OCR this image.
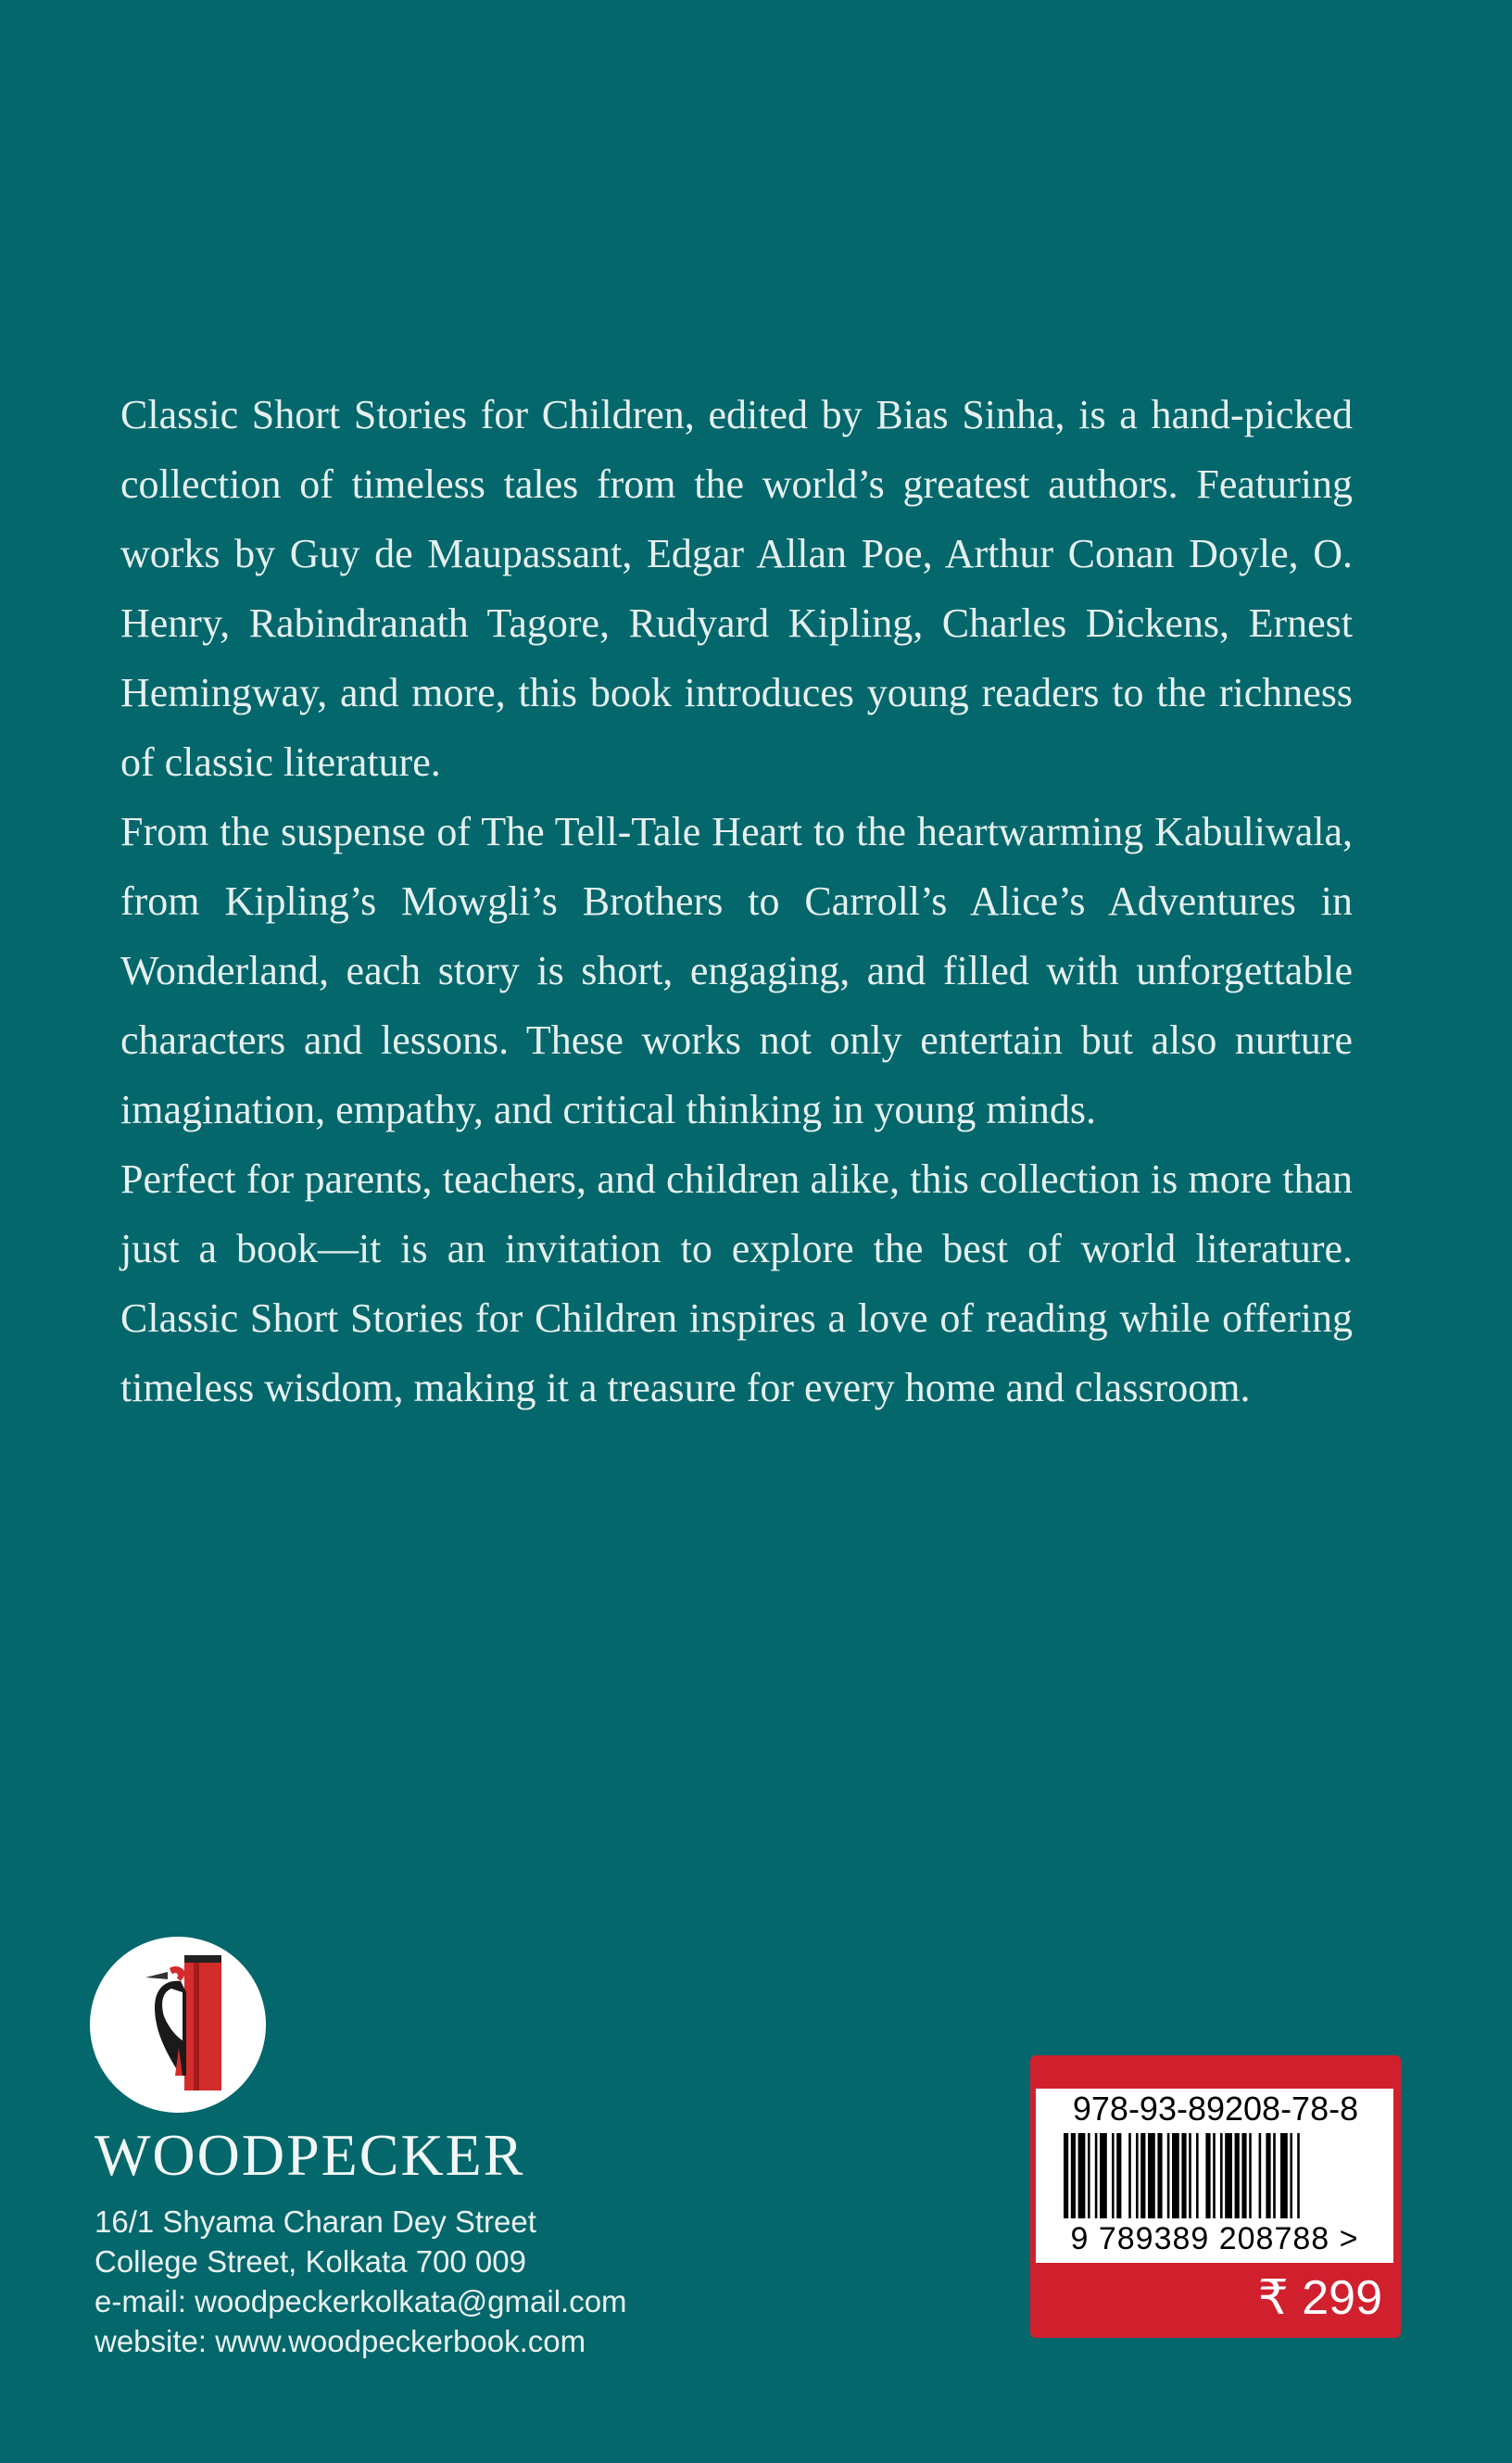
Classic Short Stories for Children, edited by Bias Sinha, is a hand-picked collection of timeless tales from the world’s greatest authors. Featuring works by Guy de Maupassant, Edgar Allan Poe, Arthur Conan Doyle, O. Henry, Rabindranath Tagore, Rudyard Kipling, Charles Dickens, Ernest Hemingway, and more, this book introduces young readers to the richness of classic literature.

From the suspense of The Tell-Tale Heart to the heartwarming Kabuliwala, from Kipling’s Mowgli’s Brothers to Carroll’s Alice’s Adventures in Wonderland, each story is short, engaging, and filled with unforgettable characters and lessons. These works not only entertain but also nurture imagination, empathy, and critical thinking in young minds.

Perfect for parents, teachers, and children alike, this collection is more than just a book—it is an invitation to explore the best of world literature. Classic Short Stories for Children inspires a love of reading while offering timeless wisdom, making it a treasure for every home and classroom.

WOODPECKER
16/1 Shyama Charan Dey Street
College Street, Kolkata 700 009
e-mail: woodpeckerkolkata@gmail.com
website: www.woodpeckerbook.com
978-93-89208-78-8
9 789389 208788 >
₹ 299
